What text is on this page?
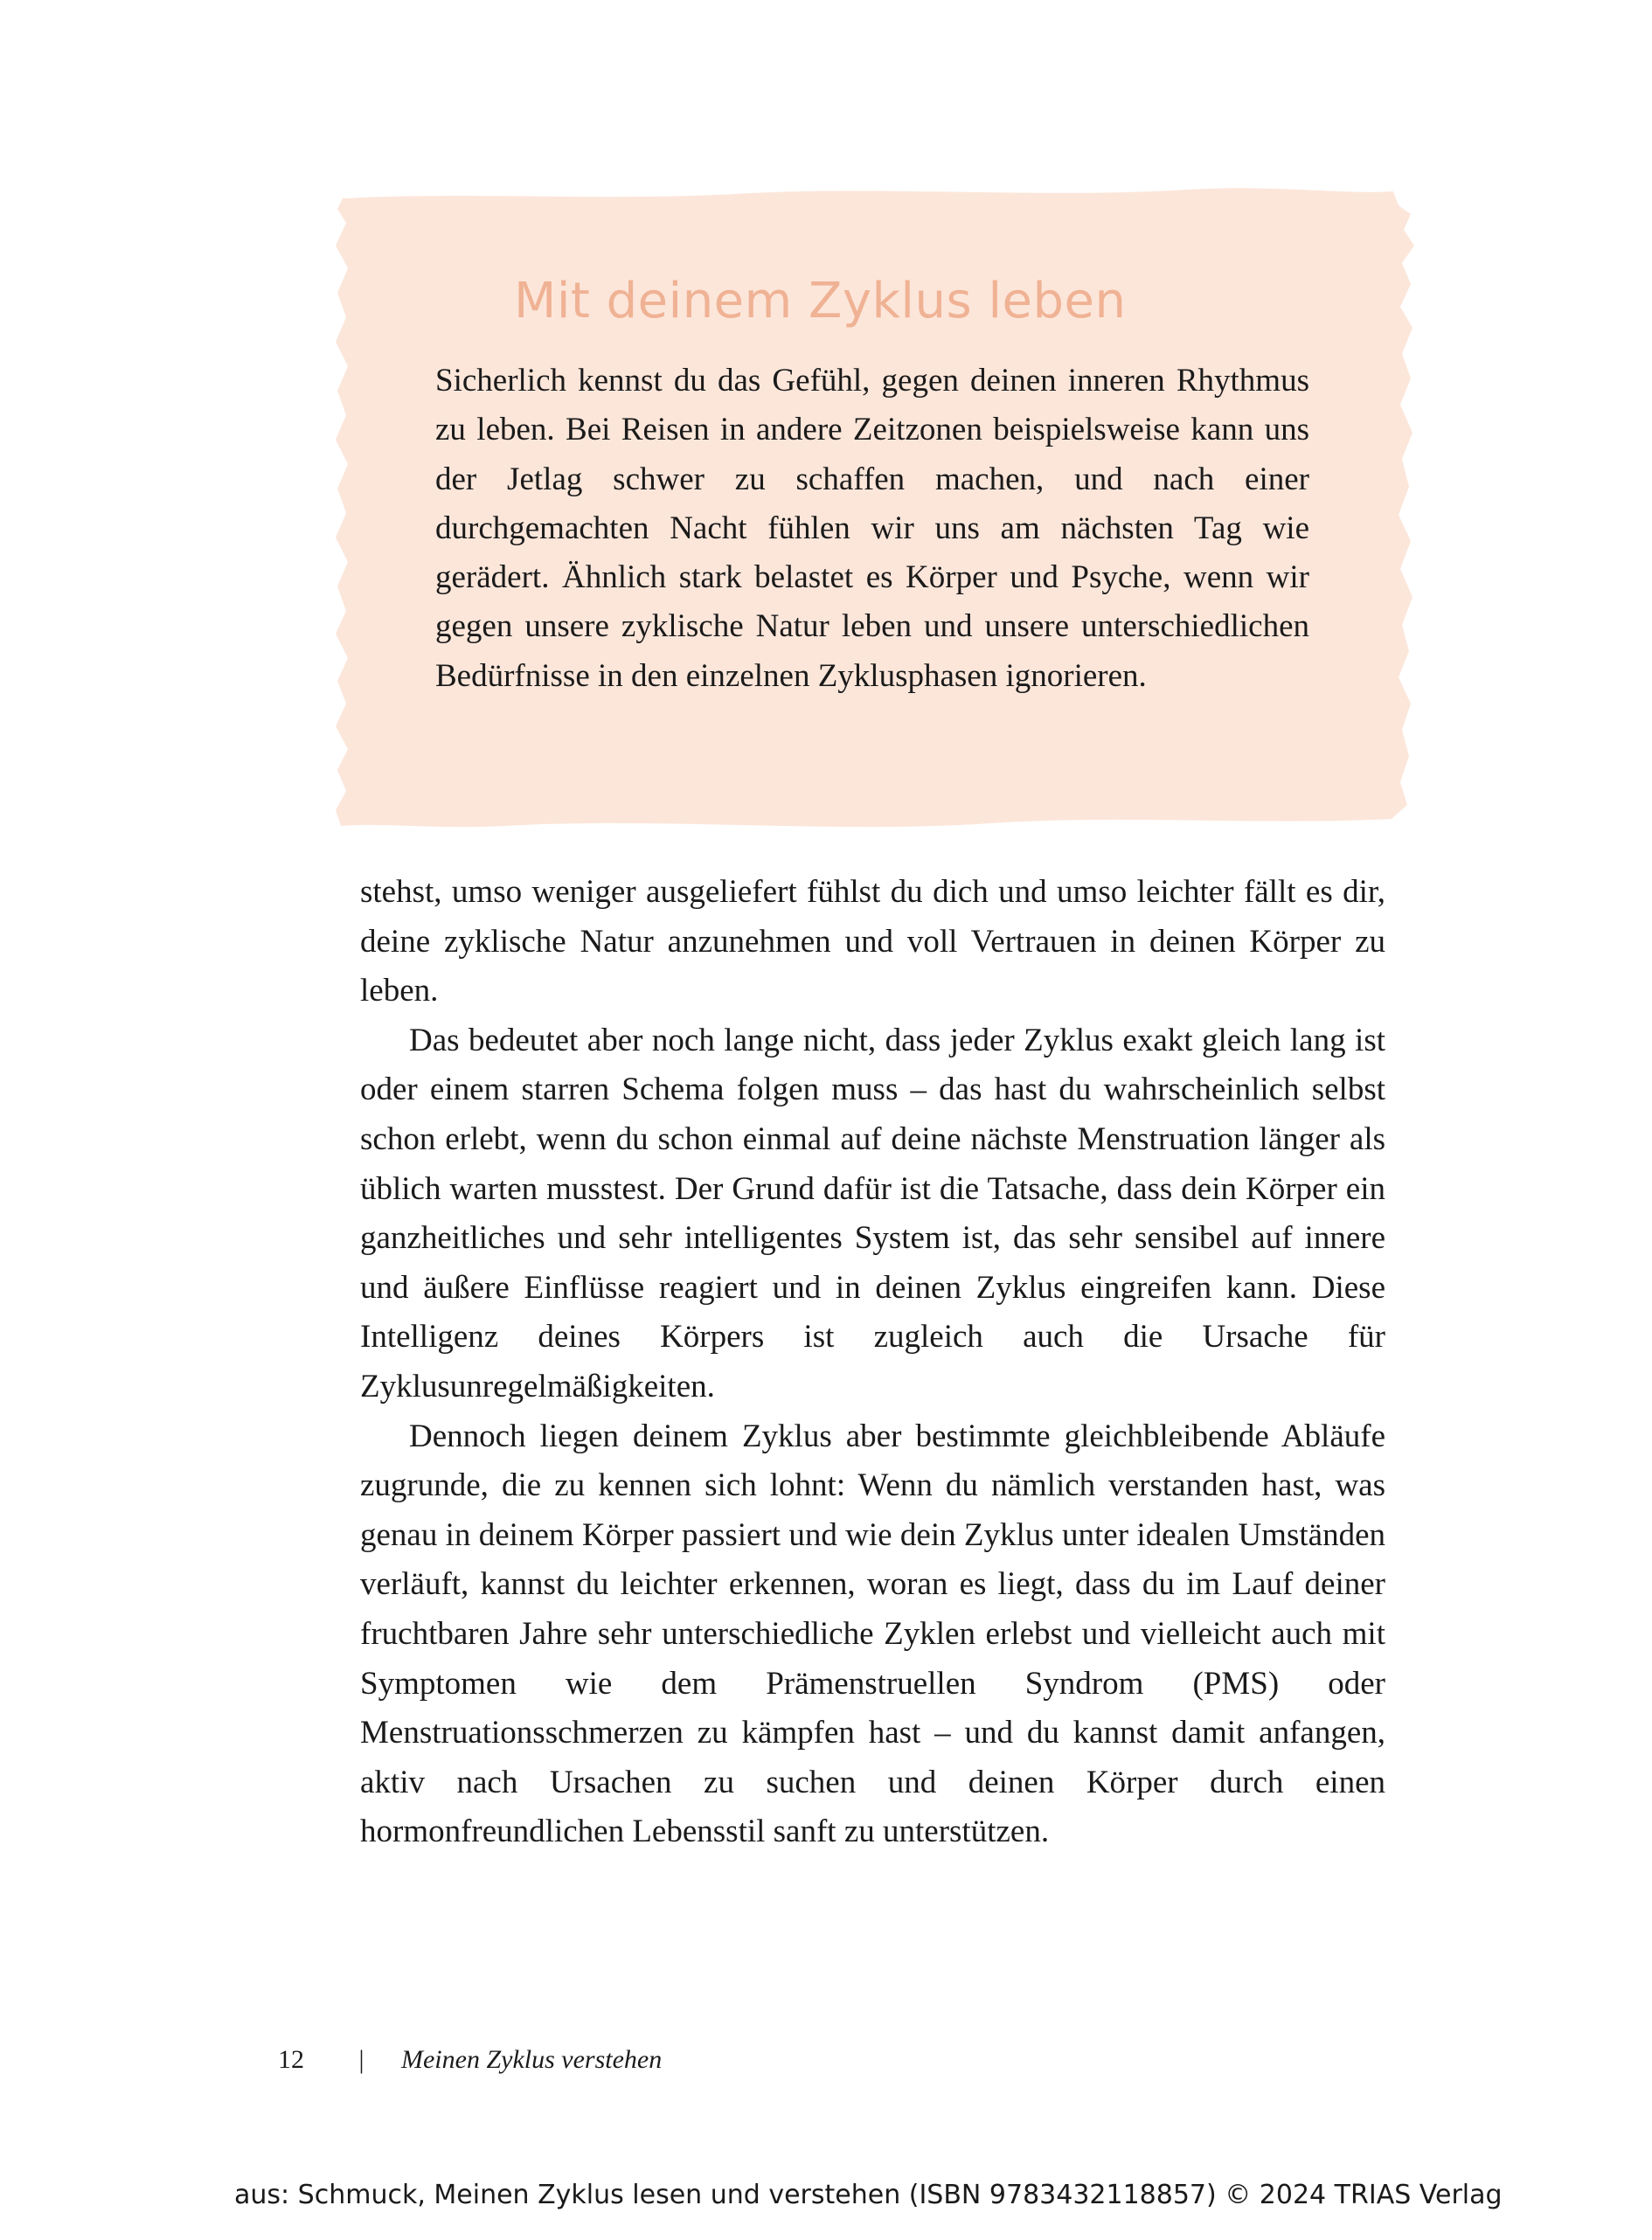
Mit deinem Zyklus leben
Sicherlich kennst du das Gefühl, gegen deinen inneren Rhythmus zu leben. Bei Reisen in andere Zeitzonen beispielsweise kann uns der Jetlag schwer zu schaffen machen, und nach einer durchgemachten Nacht fühlen wir uns am nächsten Tag wie gerädert. Ähnlich stark belastet es Körper und Psyche, wenn wir gegen unsere zyklische Natur leben und unsere unterschiedlichen Bedürfnisse in den einzelnen Zyklusphasen ignorieren.

stehst, umso weniger ausgeliefert fühlst du dich und umso leichter fällt es dir, deine zyklische Natur anzunehmen und voll Vertrauen in deinen Körper zu leben.

Das bedeutet aber noch lange nicht, dass jeder Zyklus exakt gleich lang ist oder einem starren Schema folgen muss – das hast du wahrscheinlich selbst schon erlebt, wenn du schon einmal auf deine nächste Menstruation länger als üblich warten musstest. Der Grund dafür ist die Tatsache, dass dein Körper ein ganzheitliches und sehr intelligentes System ist, das sehr sensibel auf innere und äußere Einflüsse reagiert und in deinen Zyklus eingreifen kann. Diese Intelligenz deines Körpers ist zugleich auch die Ursache für Zyklusunregelmäßigkeiten.

Dennoch liegen deinem Zyklus aber bestimmte gleichbleibende Abläufe zugrunde, die zu kennen sich lohnt: Wenn du nämlich verstanden hast, was genau in deinem Körper passiert und wie dein Zyklus unter idealen Umständen verläuft, kannst du leichter erkennen, woran es liegt, dass du im Lauf deiner fruchtbaren Jahre sehr unterschiedliche Zyklen erlebst und vielleicht auch mit Symptomen wie dem Prämenstruellen Syndrom (PMS) oder Menstruationsschmerzen zu kämpfen hast – und du kannst damit anfangen, aktiv nach Ursachen zu suchen und deinen Körper durch einen hormonfreundlichen Lebensstil sanft zu unterstützen.

12 | Meinen Zyklus verstehen
aus: Schmuck, Meinen Zyklus lesen und verstehen (ISBN 9783432118857) © 2024 TRIAS Verlag
